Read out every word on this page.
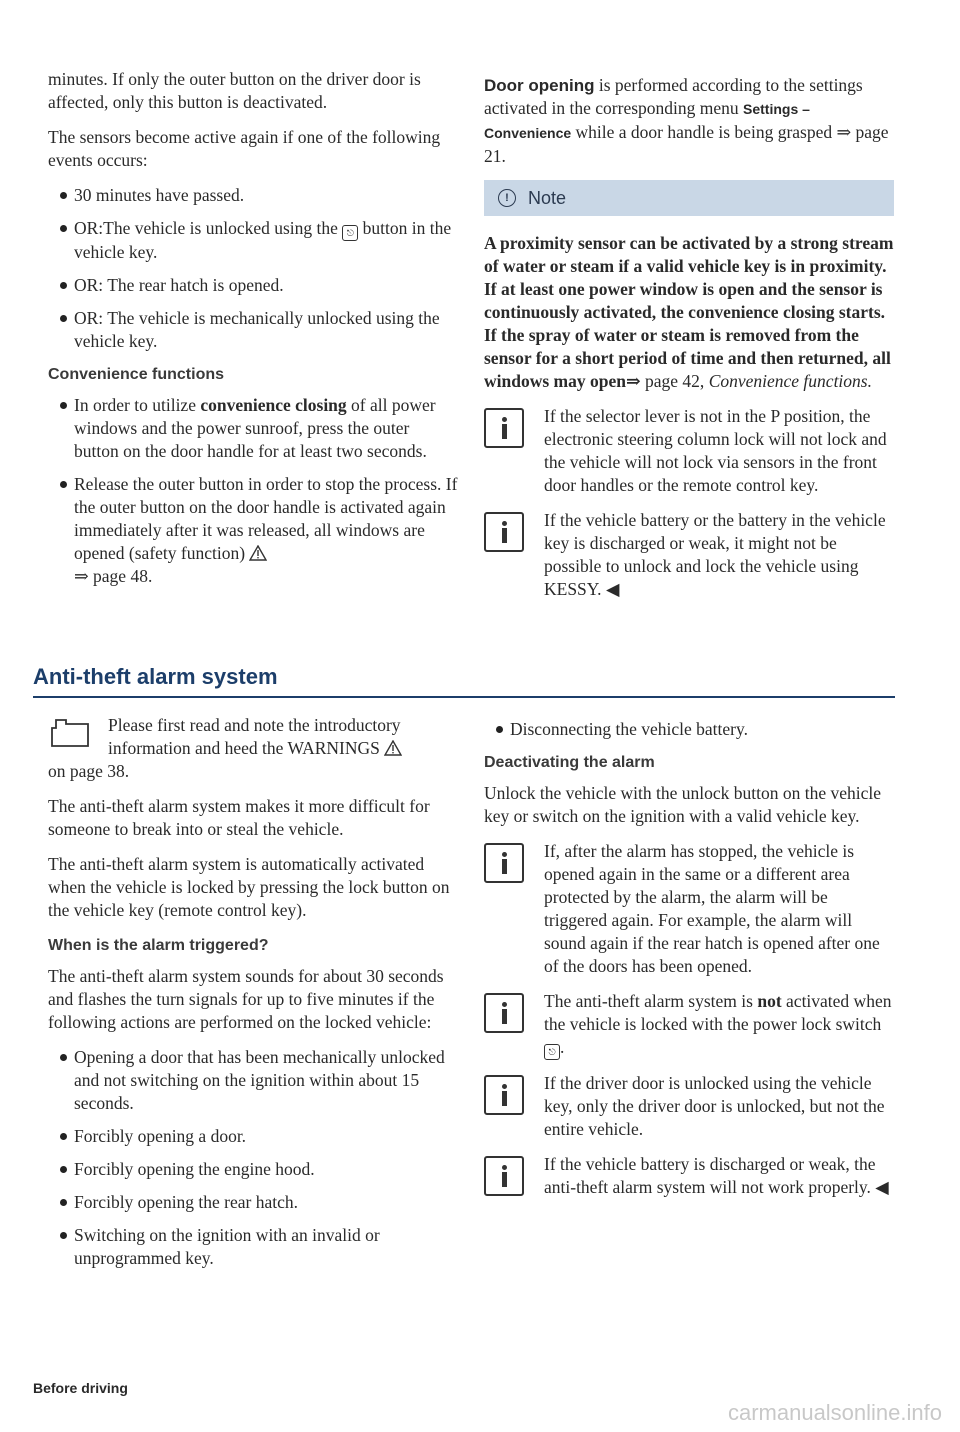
minutes. If only the outer button on the driver door is affected, only this button is deactivated.

The sensors become active again if one of the following events occurs:

30 minutes have passed.
OR:The vehicle is unlocked using the ⎋ button in the vehicle key.
OR: The rear hatch is opened.
OR: The vehicle is mechanically unlocked using the vehicle key.
Convenience functions
In order to utilize convenience closing of all power windows and the power sunroof, press the outer button on the door handle for at least two seconds.
Release the outer button in order to stop the process. If the outer button on the door handle is activated again immediately after it was released, all windows are opened (safety function)
⇒ page 48.

Door opening is performed according to the settings activated in the corresponding menu Settings – Convenience while a door handle is being grasped ⇒ page 21.

!	Note

A proximity sensor can be activated by a strong stream of water or steam if a valid vehicle key is in proximity. If at least one power window is open and the sensor is continuously activated, the convenience closing starts. If the spray of water or steam is removed from the sensor for a short period of time and then returned, all windows may open⇒ page 42, Convenience functions.

If the selector lever is not in the P position, the electronic steering column lock will not lock and the vehicle will not lock via sensors in the front door handles or the remote control key.
If the vehicle battery or the battery in the vehicle key is discharged or weak, it might not be possible to unlock and lock the vehicle using KESSY. ◀
Anti-theft alarm system
Please first read and note the introductory information and heed the WARNINGS
on page 38.

The anti-theft alarm system makes it more difficult for someone to break into or steal the vehicle.

The anti-theft alarm system is automatically activated when the vehicle is locked by pressing the lock button on the vehicle key (remote control key).

When is the alarm triggered?

The anti-theft alarm system sounds for about 30 seconds and flashes the turn signals for up to five minutes if the following actions are performed on the locked vehicle:

Opening a door that has been mechanically unlocked and not switching on the ignition within about 15 seconds.
Forcibly opening a door.
Forcibly opening the engine hood.
Forcibly opening the rear hatch.
Switching on the ignition with an invalid or unprogrammed key.
Disconnecting the vehicle battery.
Deactivating the alarm

Unlock the vehicle with the unlock button on the vehicle key or switch on the ignition with a valid vehicle key.

If, after the alarm has stopped, the vehicle is opened again in the same or a different area protected by the alarm, the alarm will be triggered again. For example, the alarm will sound again if the rear hatch is opened after one of the doors has been opened.
The anti-theft alarm system is not activated when the vehicle is locked with the power lock switch ⎋ .
If the driver door is unlocked using the vehicle key, only the driver door is unlocked, but not the entire vehicle.
If the vehicle battery is discharged or weak, the anti-theft alarm system will not work properly. ◀
Before driving
carmanualsonline.info
